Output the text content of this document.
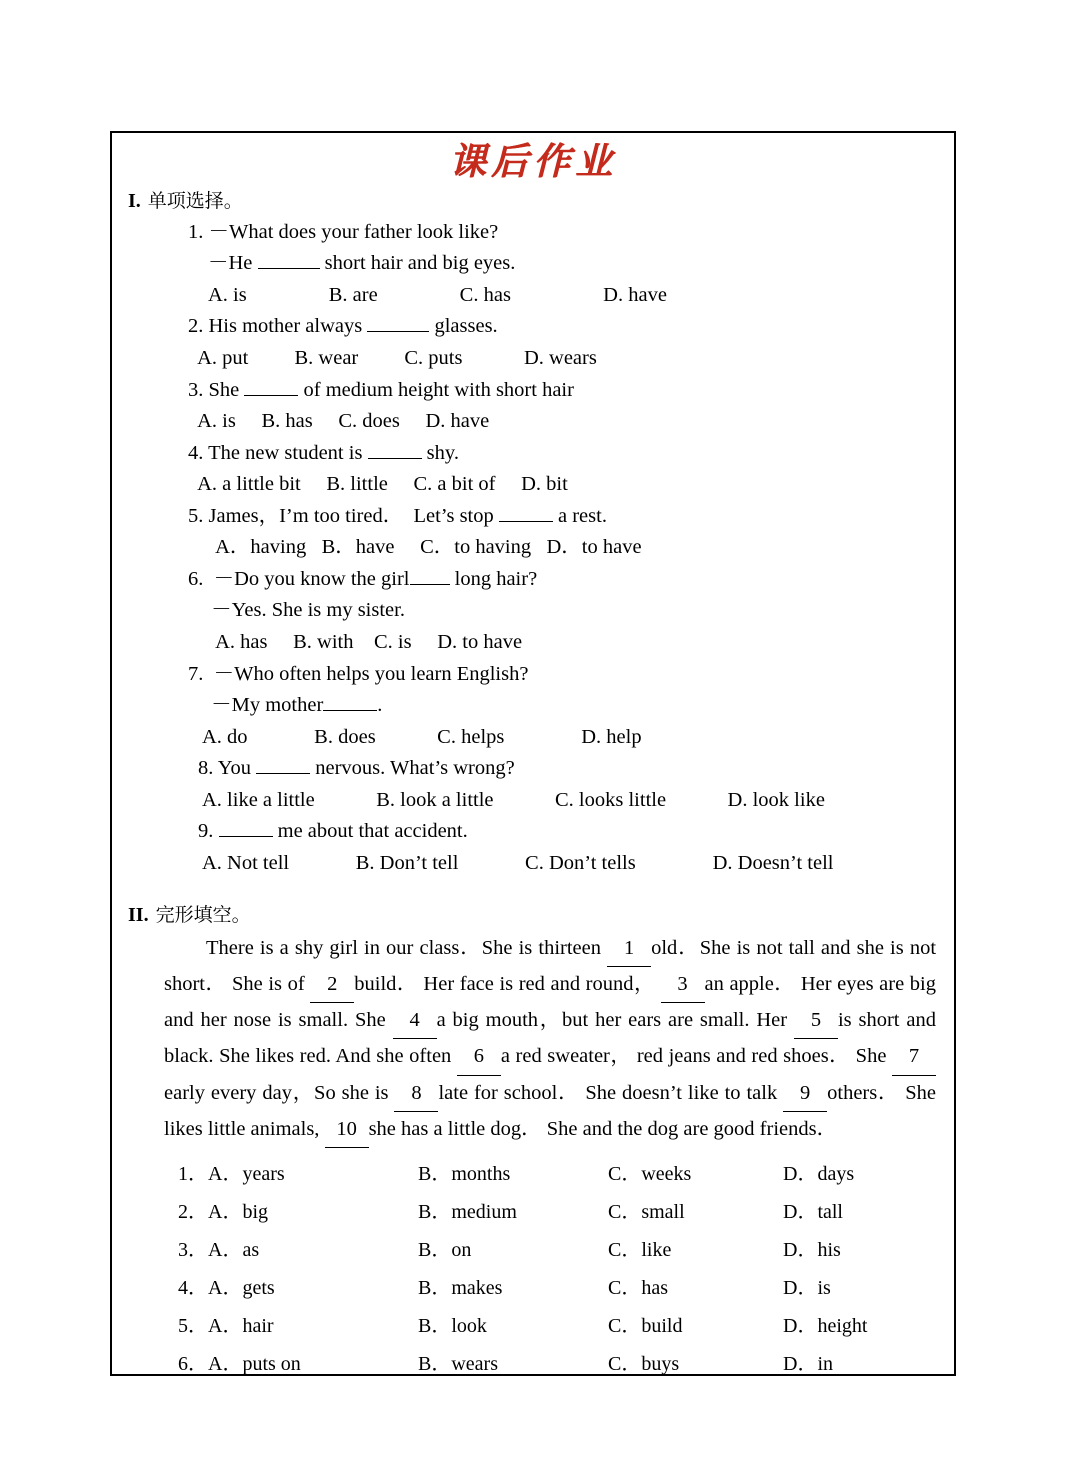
课后作业
I. 单项选择。
1. －What does your father look like?
－He	short hair and big eyes.
A. is                B. are                C. has                  D. have
2. His mother always	glasses.
A. put         B. wear         C. puts            D. wears
3. She	of medium height with short hair
A. is     B. has     C. does     D. have
4. The new student is	shy.
A. a little bit     B. little     C. a bit of     D. bit
5. James，I’m too tired．  Let’s stop	a rest.
A．having   B．have     C．to having   D．to have
6.  －Do you know the girl long hair?
－Yes. She is my sister.
A. has     B. with    C. is     D. to have
7.  －Who often helps you learn English?
－My mother	.
A. do             B. does            C. helps               D. help
8. You	nervous. What’s wrong?
A. like a little            B. look a little            C. looks little            D. look like
9.	me about that accident.
A. Not tell             B. Don’t tell             C. Don’t tells               D. Doesn’t tell
II. 完形填空。

There is a shy girl in our class．She is thirteen 1 old．She is not tall and she is not short． She is of 2 build． Her face is red and round， 3 an apple． Her eyes are big and her nose is small. She 4 a big mouth，but her ears are small. Her 5 is short and black. She likes red. And she often 6 a red sweater， red jeans and red shoes． She 7early every day，So she is 8 late for school． She doesn’t like to talk 9 others． She likes little animals, 10 she has a little dog． She and the dog are good friends．

1．	A．years	B．months	C．weeks	D．days
2．	A．big	B．medium	C．small	D．tall
3．	A．as	B．on	C．like	D．his
4．	A．gets	B．makes	C．has	D．is
5．	A．hair	B．look	C．build	D．height
6．	A．puts on	B．wears	C．buys	D．in
